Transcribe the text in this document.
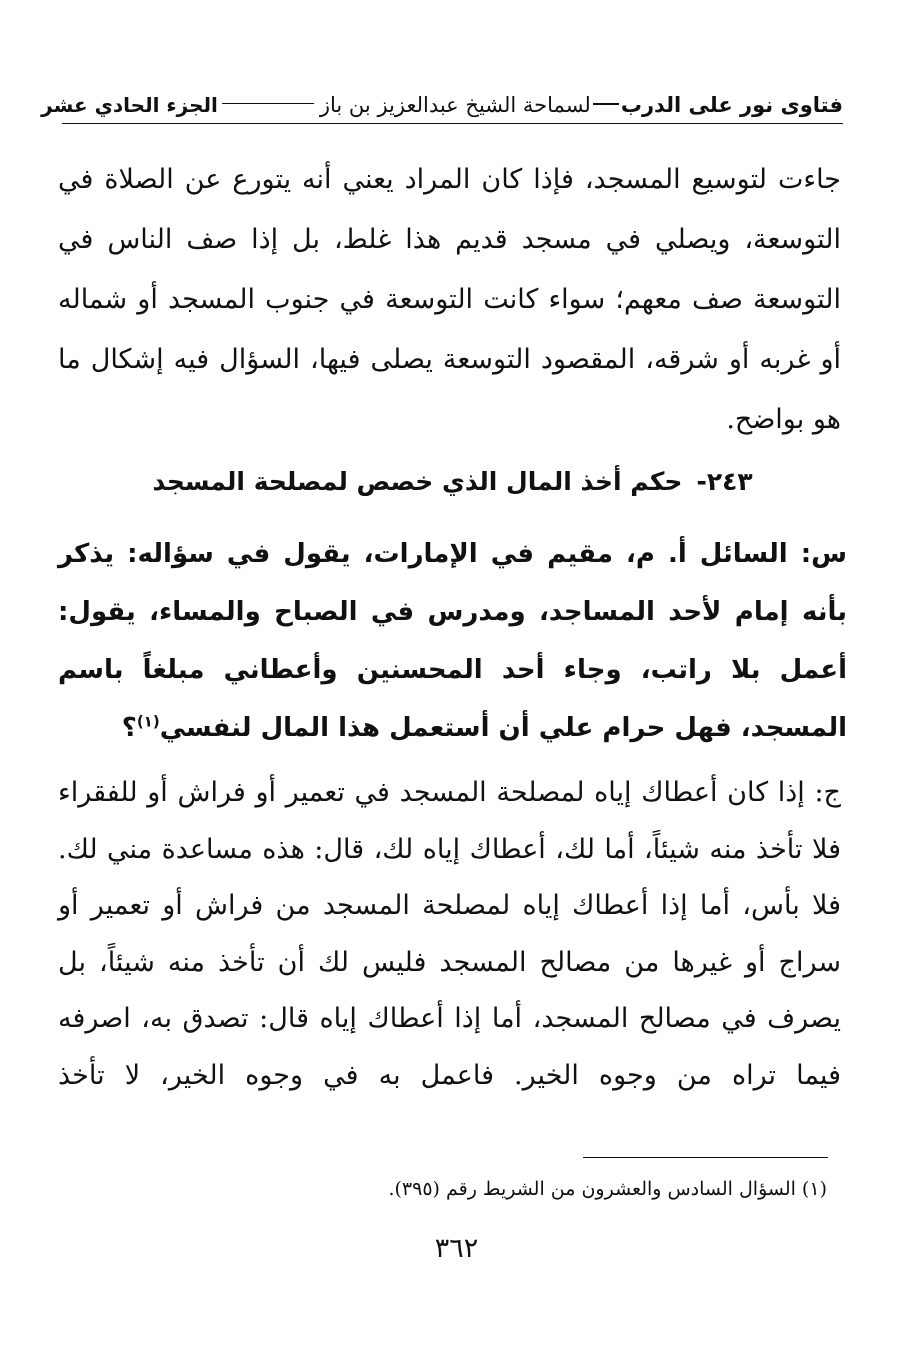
فتاوى نور على الدربلسماحة الشيخ عبدالعزيز بن باز
الجزء الحادي عشر
جاءت لتوسيع المسجد، فإذا كان المراد يعني أنه يتورع عن الصلاة في التوسعة، ويصلي في مسجد قديم هذا غلط، بل إذا صف الناس في التوسعة صف معهم؛ سواء كانت التوسعة في جنوب المسجد أو شماله أو غربه أو شرقه، المقصود التوسعة يصلى فيها، السؤال فيه إشكال ما هو بواضح.
٢٤٣-حكم أخذ المال الذي خصص لمصلحة المسجد
س: السائل أ. م، مقيم في الإمارات، يقول في سؤاله: يذكر بأنه إمام لأحد المساجد، ومدرس في الصباح والمساء، يقول: أعمل بلا راتب، وجاء أحد المحسنين وأعطاني مبلغاً باسم المسجد، فهل حرام علي أن أستعمل هذا المال لنفسي$^{(١)}$؟
ج: إذا كان أعطاك إياه لمصلحة المسجد في تعمير أو فراش أو للفقراء فلا تأخذ منه شيئاً، أما لك، أعطاك إياه لك، قال: هذه مساعدة مني لك. فلا بأس، أما إذا أعطاك إياه لمصلحة المسجد من فراش أو تعمير أو سراج أو غيرها من مصالح المسجد فليس لك أن تأخذ منه شيئاً، بل يصرف في مصالح المسجد، أما إذا أعطاك إياه قال: تصدق به، اصرفه فيما تراه من وجوه الخير. فاعمل به في وجوه الخير، لا تأخذ
(١) السؤال السادس والعشرون من الشريط رقم (٣٩٥).
٣٦٢
